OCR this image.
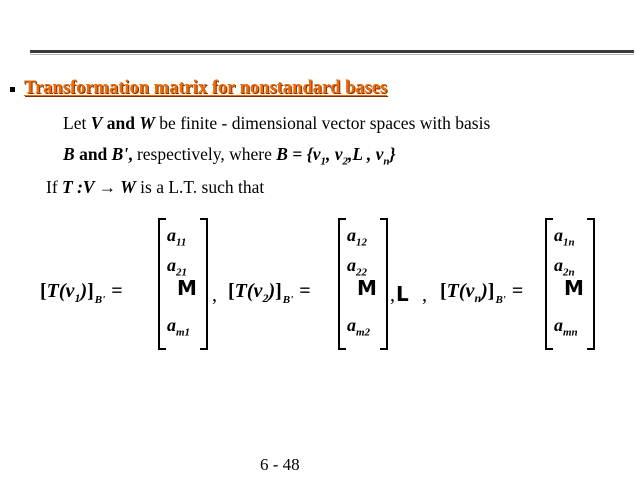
Transformation matrix for nonstandard bases
Let V and W be finite - dimensional vector spaces with basis
B and B', respectively, where $B = \{v_1$, $v_2,L$ , $v_n$}
If T :V → W is a L.T. such that
$[T(v_1)]_{B'}$ =
$a_{11}$
$a_{21}$
M
$a_{m1}$
, $[T(v_2)]_{B'}$ =
$a_{12}$
$a_{22}$
M
$a_{m2}$
, L , $[T(v_n)]_{B'}$ =
$a_{1n}$
$a_{2n}$
M
$a_{mn}$
6 - 48
